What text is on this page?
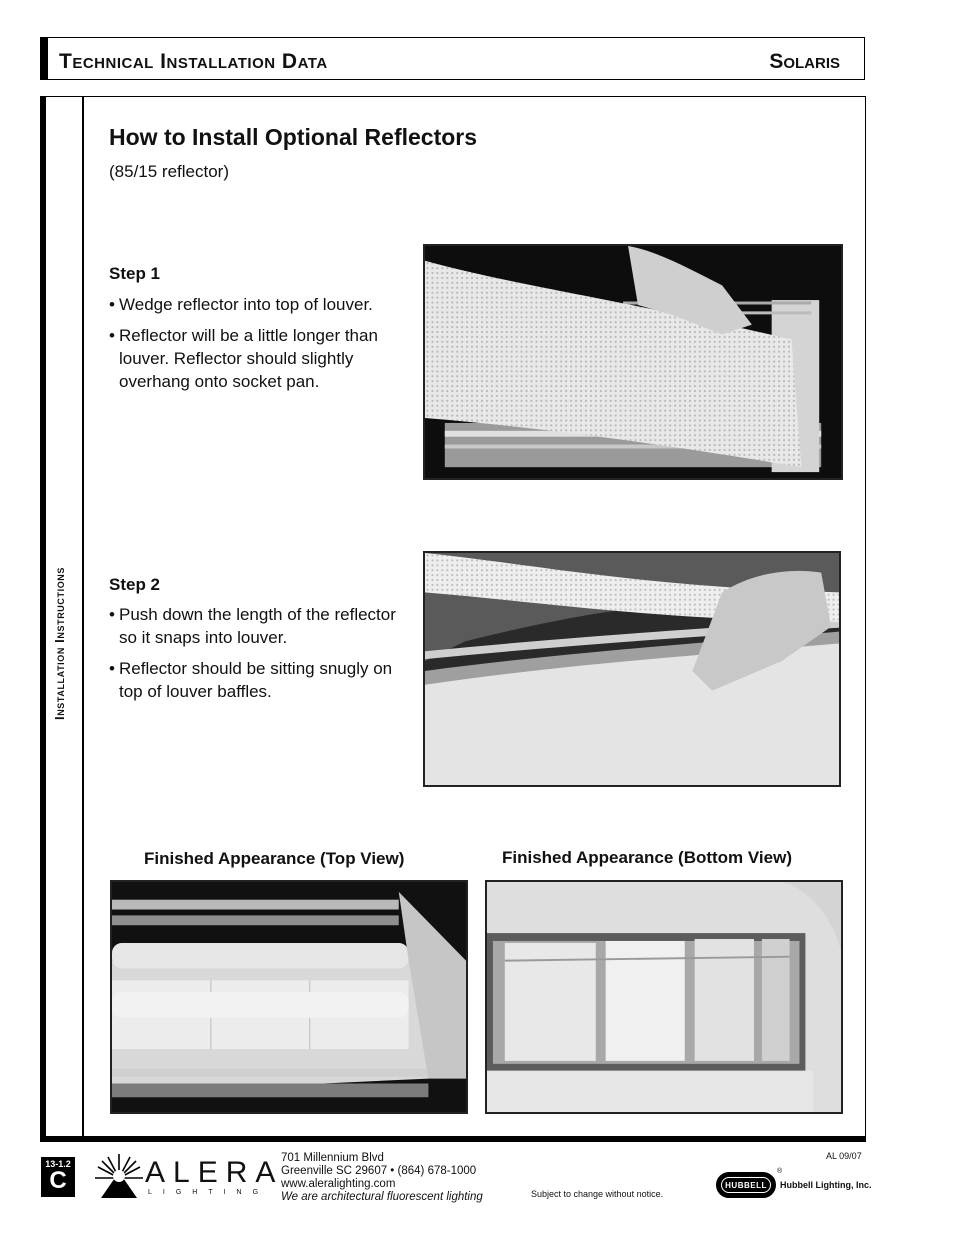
Technical Installation Data	Solaris
Installation Instructions
How to Install Optional Reflectors
(85/15 reflector)
Step 1
• Wedge reflector into top of louver.
• Reflector will be a little longer than louver. Reflector should slightly overhang onto socket pan.
Step 2
• Push down the length of the reflector so it snaps into louver.
• Reflector should be sitting snugly on top of louver baffles.
Finished Appearance (Top View)	Finished Appearance (Bottom View)
13-1.2
C	ALERA
LIGHTING
701 Millennium Blvd
Greenville SC 29607 • (864) 678-1000
www.aleralighting.com
We are architectural fluorescent lighting	Subject to change without notice.
AL 09/07
HUBBELL
®
Hubbell Lighting, Inc.
